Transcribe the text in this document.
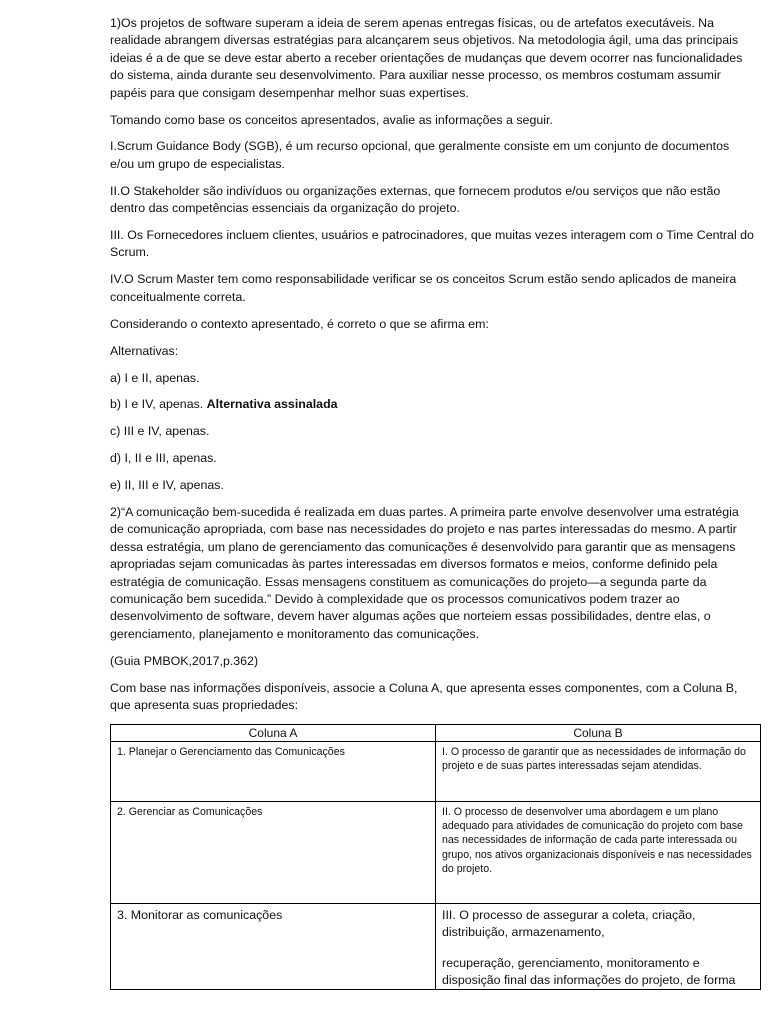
1)Os projetos de software superam a ideia de serem apenas entregas físicas, ou de artefatos executáveis. Na realidade abrangem diversas estratégias para alcançarem seus objetivos. Na metodologia ágil, uma das principais ideias é a de que se deve estar aberto a receber orientações de mudanças que devem ocorrer nas funcionalidades do sistema, ainda durante seu desenvolvimento. Para auxiliar nesse processo, os membros costumam assumir papéis para que consigam desempenhar melhor suas expertises.

Tomando como base os conceitos apresentados, avalie as informações a seguir.

I.Scrum Guidance Body (SGB), é um recurso opcional, que geralmente consiste em um conjunto de documentos e/ou um grupo de especialistas.

II.O Stakeholder são indivíduos ou organizações externas, que fornecem produtos e/ou serviços que não estão dentro das competências essenciais da organização do projeto.

III. Os Fornecedores incluem clientes, usuários e patrocinadores, que muitas vezes interagem com o Time Central do Scrum.

IV.O Scrum Master tem como responsabilidade verificar se os conceitos Scrum estão sendo aplicados de maneira conceitualmente correta.

Considerando o contexto apresentado, é correto o que se afirma em:

Alternativas:

a) I e II, apenas.

b) I e IV, apenas. Alternativa assinalada

c) III e IV, apenas.

d) I, II e III, apenas.

e) II, III e IV, apenas.

2)“A comunicação bem-sucedida é realizada em duas partes. A primeira parte envolve desenvolver uma estratégia de comunicação apropriada, com base nas necessidades do projeto e nas partes interessadas do mesmo. A partir dessa estratégia, um plano de gerenciamento das comunicações é desenvolvido para garantir que as mensagens apropriadas sejam comunicadas às partes interessadas em diversos formatos e meios, conforme definido pela estratégia de comunicação. Essas mensagens constituem as comunicações do projeto—a segunda parte da comunicação bem sucedida.” Devido à complexidade que os processos comunicativos podem trazer ao desenvolvimento de software, devem haver algumas ações que norteiem essas possibilidades, dentre elas, o gerenciamento, planejamento e monitoramento das comunicações.

(Guia PMBOK,2017,p.362)

Com base nas informações disponíveis, associe a Coluna A, que apresenta esses componentes, com a Coluna B, que apresenta suas propriedades:

Coluna A	Coluna B
1. Planejar o Gerenciamento das Comunicações	I. O processo de garantir que as necessidades de informação do projeto e de suas partes interessadas sejam atendidas.
2. Gerenciar as Comunicações	II. O processo de desenvolver uma abordagem e um plano adequado para atividades de comunicação do projeto com base nas necessidades de informação de cada parte interessada ou grupo, nos ativos organizacionais disponíveis e nas necessidades do projeto.
3. Monitorar as comunicações	III. O processo de assegurar a coleta, criação, distribuição, armazenamento,
recuperação, gerenciamento, monitoramento e disposição final das informações do projeto, de forma
